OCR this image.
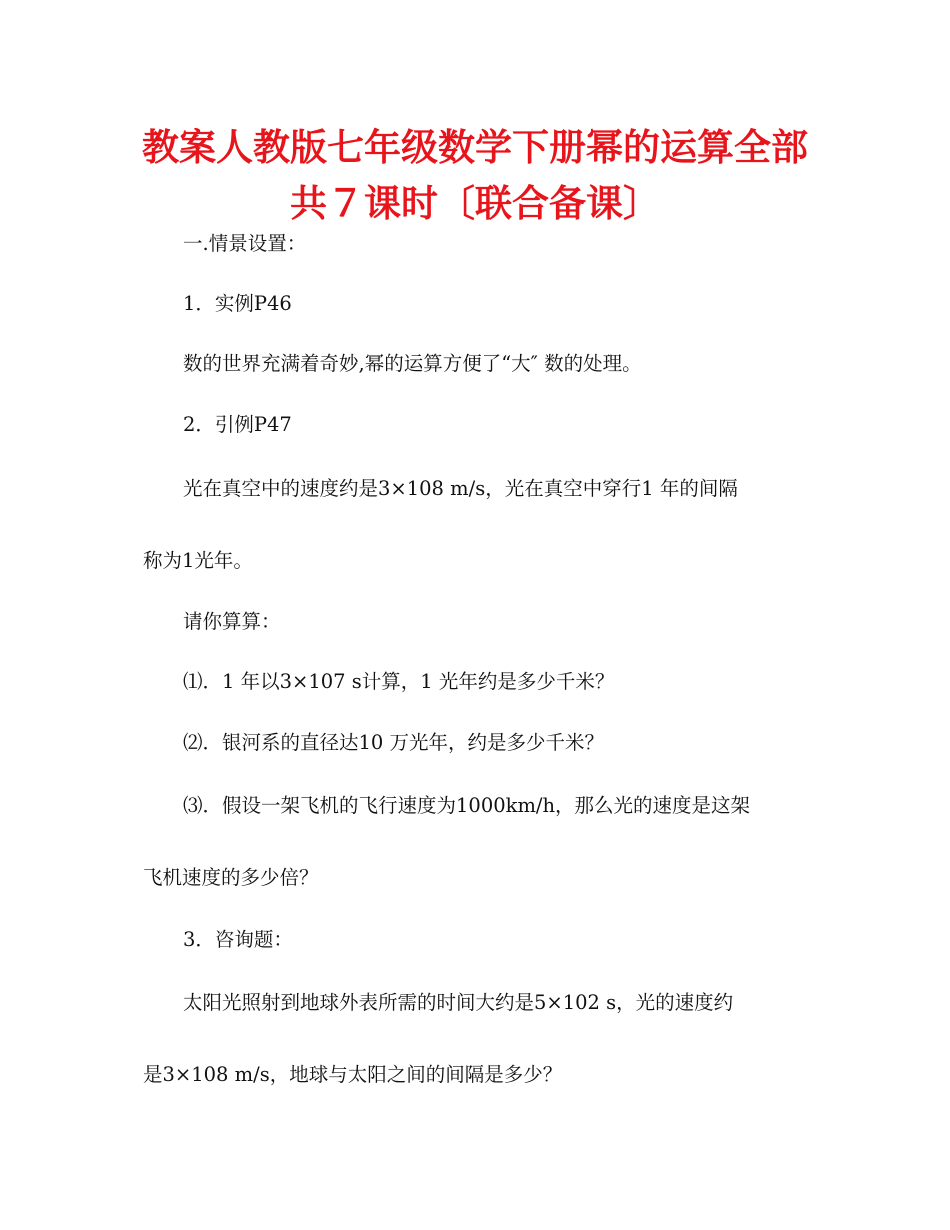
教案人教版七年级数学下册幂的运算全部
共７课时〔联合备课〕

一.情景设置：

1．实例P46

数的世界充满着奇妙,幂的运算方便了“大″ 数的处理。

2．引例P47

光在真空中的速度约是3×108 m/s，光在真空中穿行1 年的间隔

称为1光年。

请你算算：

⑴．1 年以3×107 s计算，1 光年约是多少千米？

⑵．银河系的直径达10 万光年，约是多少千米？

⑶．假设一架飞机的飞行速度为1000km/h，那么光的速度是这架

飞机速度的多少倍？

3．咨询题：

太阳光照射到地球外表所需的时间大约是5×102 s，光的速度约

是3×108 m/s，地球与太阳之间的间隔是多少？
